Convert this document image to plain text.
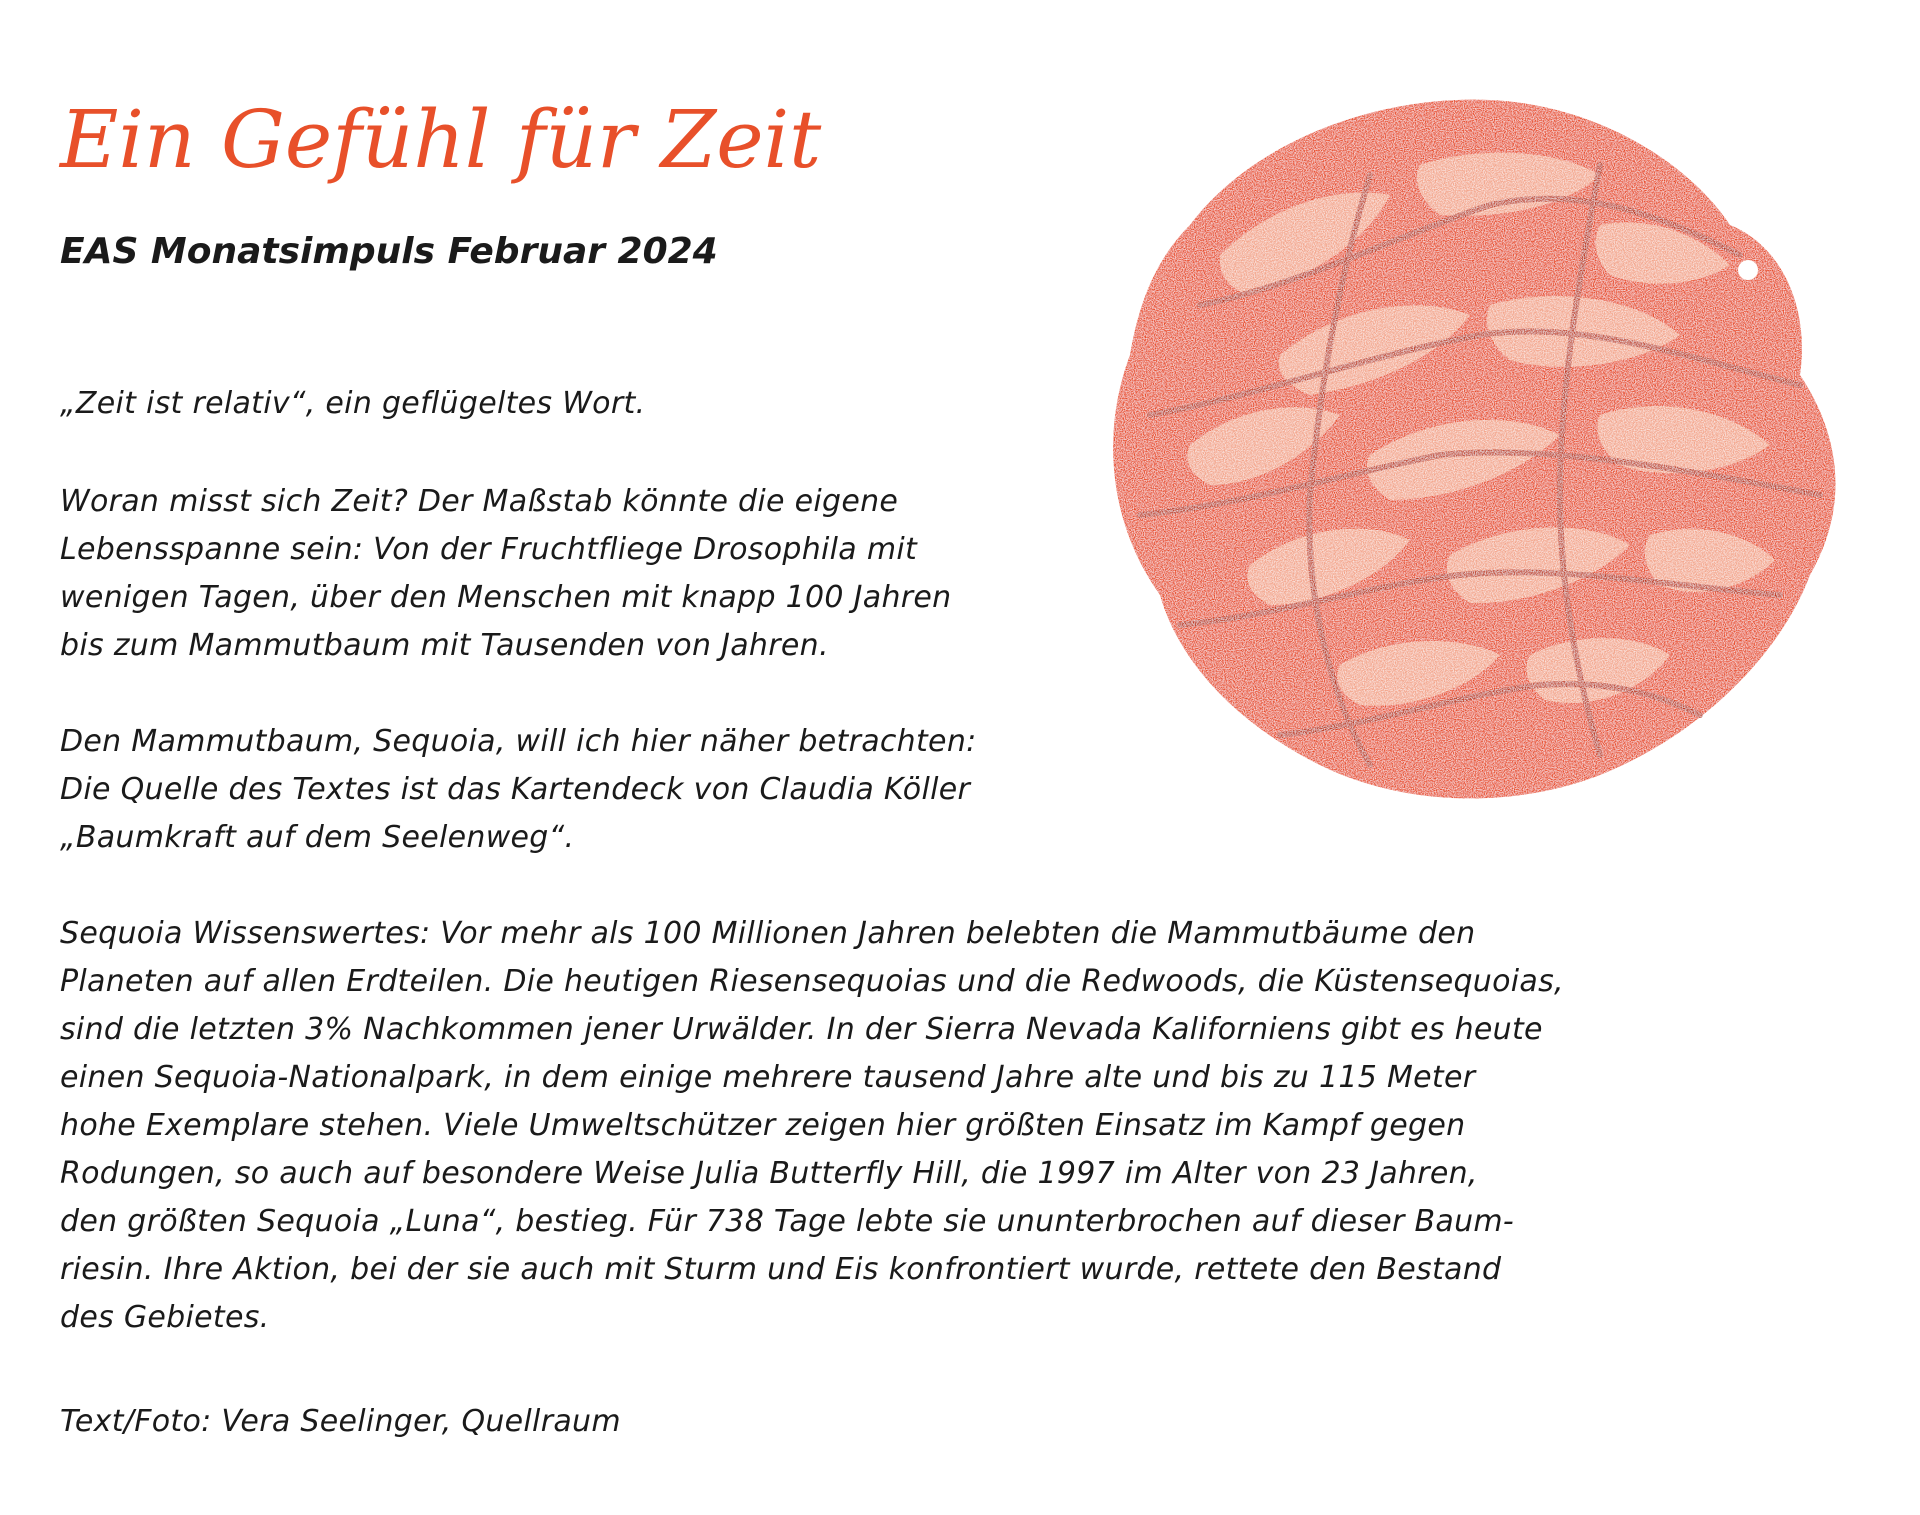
Ein Gefühl für Zeit
EAS Monatsimpuls Februar 2024
„Zeit ist relativ“, ein geflügeltes Wort.
Woran misst sich Zeit? Der Maßstab könnte die eigene
Lebensspanne sein: Von der Fruchtfliege Drosophila mit
wenigen Tagen, über den Menschen mit knapp 100 Jahren
bis zum Mammutbaum mit Tausenden von Jahren.
Den Mammutbaum, Sequoia, will ich hier näher betrachten:
Die Quelle des Textes ist das Kartendeck von Claudia Köller
„Baumkraft auf dem Seelenweg“.
Sequoia Wissenswertes: Vor mehr als 100 Millionen Jahren belebten die Mammutbäume den
Planeten auf allen Erdteilen. Die heutigen Riesensequoias und die Redwoods, die Küstensequoias,
sind die letzten 3% Nachkommen jener Urwälder. In der Sierra Nevada Kaliforniens gibt es heute
einen Sequoia-Nationalpark, in dem einige mehrere tausend Jahre alte und bis zu 115 Meter
hohe Exemplare stehen. Viele Umweltschützer zeigen hier größten Einsatz im Kampf gegen
Rodungen, so auch auf besondere Weise Julia Butterfly Hill, die 1997 im Alter von 23 Jahren,
den größten Sequoia „Luna“, bestieg. Für 738 Tage lebte sie ununterbrochen auf dieser Baum-
riesin. Ihre Aktion, bei der sie auch mit Sturm und Eis konfrontiert wurde, rettete den Bestand
des Gebietes.
Text/Foto: Vera Seelinger, Quellraum
